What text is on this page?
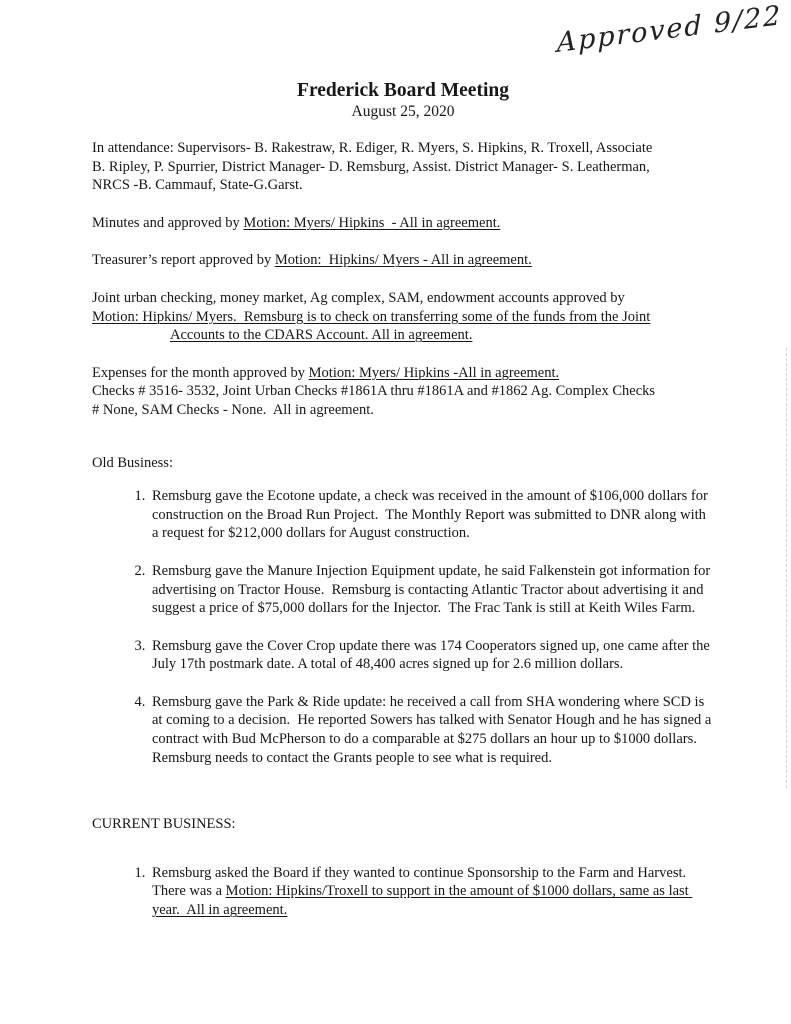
Approved 9/22
Frederick Board Meeting
August 25, 2020

In attendance: Supervisors- B. Rakestraw, R. Ediger, R. Myers, S. Hipkins, R. Troxell, Associate
B. Ripley, P. Spurrier, District Manager- D. Remsburg, Assist. District Manager- S. Leatherman,
NRCS -B. Cammauf, State-G.Garst.

Minutes and approved by Motion: Myers/ Hipkins  - All in agreement.

Treasurer’s report approved by Motion:  Hipkins/ Myers - All in agreement.

Joint urban checking, money market, Ag complex, SAM, endowment accounts approved by
Motion: Hipkins/ Myers.  Remsburg is to check on transferring some of the funds from the Joint
Accounts to the CDARS Account. All in agreement.

Expenses for the month approved by Motion: Myers/ Hipkins -All in agreement.
Checks # 3516- 3532, Joint Urban Checks #1861A thru #1861A and #1862 Ag. Complex Checks
# None, SAM Checks - None.  All in agreement.

Old Business:

1. Remsburg gave the Ecotone update, a check was received in the amount of $106,000 dollars for construction on the Broad Run Project.  The Monthly Report was submitted to DNR along with a request for $212,000 dollars for August construction.
2. Remsburg gave the Manure Injection Equipment update, he said Falkenstein got information for advertising on Tractor House.  Remsburg is contacting Atlantic Tractor about advertising it and suggest a price of $75,000 dollars for the Injector.  The Frac Tank is still at Keith Wiles Farm.
3. Remsburg gave the Cover Crop update there was 174 Cooperators signed up, one came after the July 17th postmark date. A total of 48,400 acres signed up for 2.6 million dollars.
4. Remsburg gave the Park & Ride update: he received a call from SHA wondering where SCD is at coming to a decision.  He reported Sowers has talked with Senator Hough and he has signed a contract with Bud McPherson to do a comparable at $275 dollars an hour up to $1000 dollars.  Remsburg needs to contact the Grants people to see what is required.

CURRENT BUSINESS:

1. Remsburg asked the Board if they wanted to continue Sponsorship to the Farm and Harvest. There was a Motion: Hipkins/Troxell to support in the amount of $1000 dollars, same as last year.  All in agreement.
